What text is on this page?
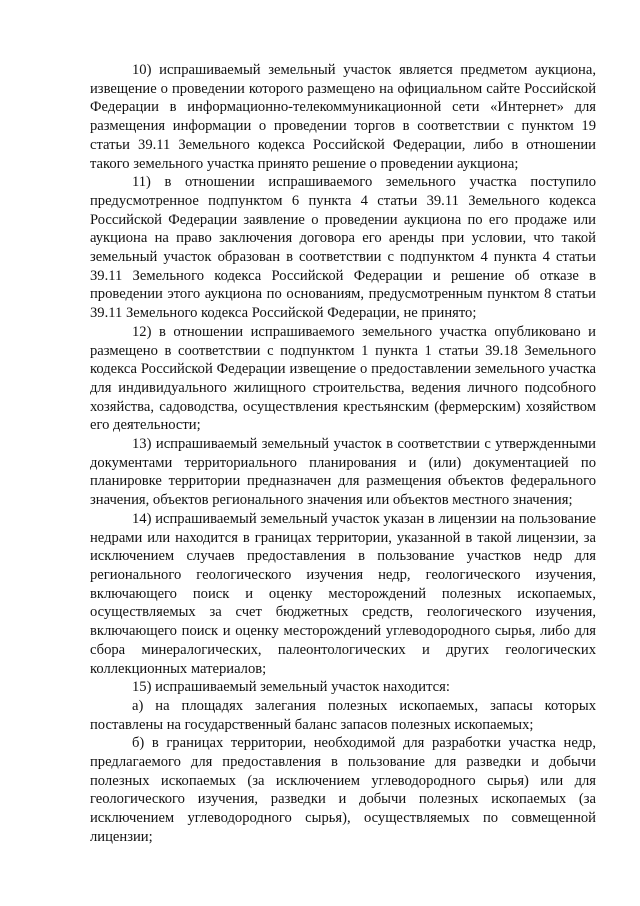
10) испрашиваемый земельный участок является предметом аукциона, извещение о проведении которого размещено на официальном сайте Российской Федерации в информационно-телекоммуникационной сети «Интернет» для размещения информации о проведении торгов в соответствии с пунктом 19 статьи 39.11 Земельного кодекса Российской Федерации, либо в отношении такого земельного участка принято решение о проведении аукциона;

11) в отношении испрашиваемого земельного участка поступило предусмотренное подпунктом 6 пункта 4 статьи 39.11 Земельного кодекса Российской Федерации заявление о проведении аукциона по его продаже или аукциона на право заключения договора его аренды при условии, что такой земельный участок образован в соответствии с подпунктом 4 пункта 4 статьи 39.11 Земельного кодекса Российской Федерации и решение об отказе в проведении этого аукциона по основаниям, предусмотренным пунктом 8 статьи 39.11 Земельного кодекса Российской Федерации, не принято;

12) в отношении испрашиваемого земельного участка опубликовано и размещено в соответствии с подпунктом 1 пункта 1 статьи 39.18 Земельного кодекса Российской Федерации извещение о предоставлении земельного участка для индивидуального жилищного строительства, ведения личного подсобного хозяйства, садоводства, осуществления крестьянским (фермерским) хозяйством его деятельности;

13) испрашиваемый земельный участок в соответствии с утвержденными документами территориального планирования и (или) документацией по планировке территории предназначен для размещения объектов федерального значения, объектов регионального значения или объектов местного значения;

14) испрашиваемый земельный участок указан в лицензии на пользование недрами или находится в границах территории, указанной в такой лицензии, за исключением случаев предоставления в пользование участков недр для регионального геологического изучения недр, геологического изучения, включающего поиск и оценку месторождений полезных ископаемых, осуществляемых за счет бюджетных средств, геологического изучения, включающего поиск и оценку месторождений углеводородного сырья, либо для сбора минералогических, палеонтологических и других геологических коллекционных материалов;

15) испрашиваемый земельный участок находится:

а) на площадях залегания полезных ископаемых, запасы которых поставлены на государственный баланс запасов полезных ископаемых;

б) в границах территории, необходимой для разработки участка недр, предлагаемого для предоставления в пользование для разведки и добычи полезных ископаемых (за исключением углеводородного сырья) или для геологического изучения, разведки и добычи полезных ископаемых (за исключением углеводородного сырья), осуществляемых по совмещенной лицензии;
